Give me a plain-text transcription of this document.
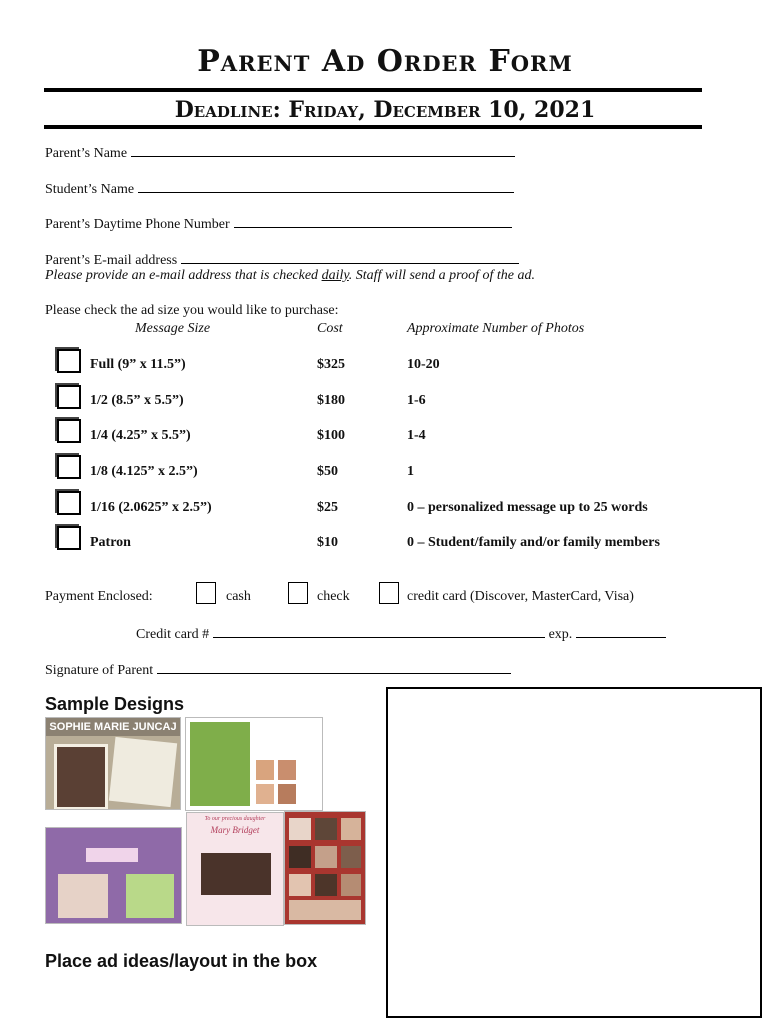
Parent Ad Order Form
Deadline: Friday, December 10, 2021
Parent’s Name
Student’s Name
Parent’s Daytime Phone Number
Parent’s E-mail address
Please provide an e-mail address that is checked daily. Staff will send a proof of the ad.
Please check the ad size you would like to purchase:
Message Size	Cost	Approximate Number of Photos
Full (9” x 11.5”)	$325	10-20
1/2 (8.5” x 5.5”)	$180	1-6
1/4 (4.25” x 5.5”)	$100	1-4
1/8 (4.125” x 2.5”)	$50	1
1/16 (2.0625” x 2.5”)	$25	0 – personalized message up to 25 words
Patron	$10	0 – Student/family and/or family members
Payment Enclosed:	cash	check	credit card (Discover, MasterCard, Visa)
Credit card #	exp.
Signature of Parent
Sample Designs
SOPHIE MARIE JUNCAJ
To our precious daughter
Mary Bridget
Place ad ideas/layout in the box
